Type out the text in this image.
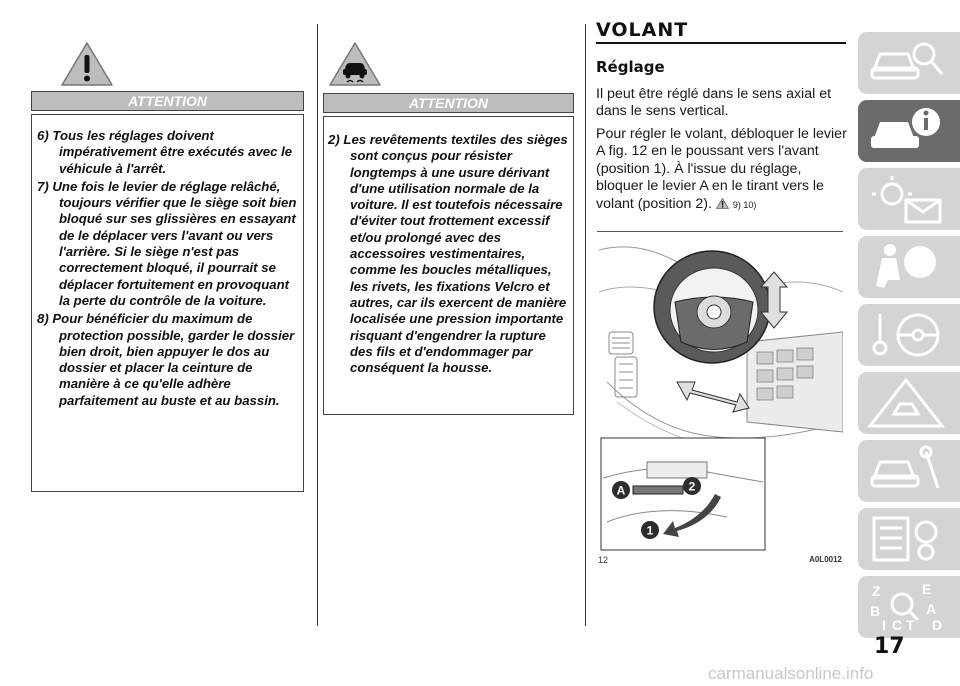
ATTENTION
6) Tous les réglages doivent impérativement être exécutés avec le véhicule à l'arrêt.
7) Une fois le levier de réglage relâché, toujours vérifier que le siège soit bien bloqué sur ses glissières en essayant de le déplacer vers l'avant ou vers l'arrière. Si le siège n'est pas correctement bloqué, il pourrait se déplacer fortuitement en provoquant la perte du contrôle de la voiture.
8) Pour bénéficier du maximum de protection possible, garder le dossier bien droit, bien appuyer le dos au dossier et placer la ceinture de manière à ce qu'elle adhère parfaitement au buste et au bassin.
ATTENTION
2) Les revêtements textiles des sièges sont conçus pour résister longtemps à une usure dérivant d'une utilisation normale de la voiture. Il est toutefois nécessaire d'éviter tout frottement excessif et/ou prolongé avec des accessoires vestimentaires, comme les boucles métalliques, les rivets, les fixations Velcro et autres, car ils exercent de manière localisée une pression importante risquant d'engendrer la rupture des fils et d'endommager par conséquent la housse.
VOLANT
Réglage

Il peut être réglé dans le sens axial et dans le sens vertical.

Pour régler le volant, débloquer le levier A fig. 12 en le poussant vers l'avant (position 1). À l'issue du réglage, bloquer le levier A en le tirant vers le volant (position 2). 9) 10)

A	2
1
12	A0L0012
Z	E
B	A
I C T D
17
carmanualsonline.info
